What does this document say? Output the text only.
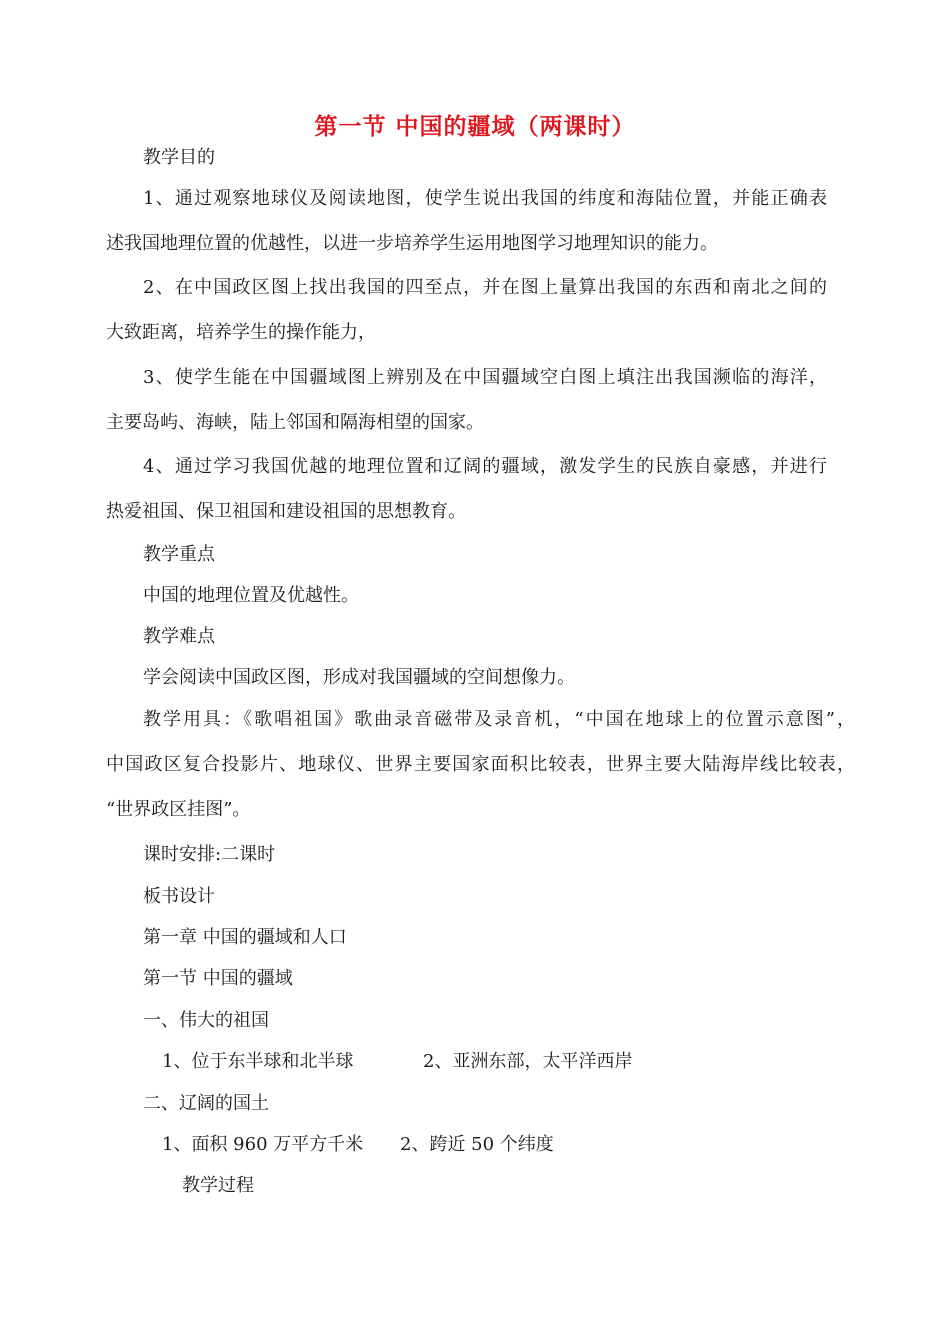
第一节 中国的疆域（两课时）
教学目的
1、通过观察地球仪及阅读地图，使学生说出我国的纬度和海陆位置，并能正确表
述我国地理位置的优越性，以进一步培养学生运用地图学习地理知识的能力。
2、在中国政区图上找出我国的四至点，并在图上量算出我国的东西和南北之间的
大致距离，培养学生的操作能力，
3、使学生能在中国疆域图上辨别及在中国疆域空白图上填注出我国濒临的海洋，
主要岛屿、海峡，陆上邻国和隔海相望的国家。
4、通过学习我国优越的地理位置和辽阔的疆域，激发学生的民族自豪感，并进行
热爱祖国、保卫祖国和建设祖国的思想教育。
教学重点
中国的地理位置及优越性。
教学难点
学会阅读中国政区图，形成对我国疆域的空间想像力。
教学用具：《歌唱祖国》歌曲录音磁带及录音机，“中国在地球上的位置示意图”，
中国政区复合投影片、地球仪、世界主要国家面积比较表，世界主要大陆海岸线比较表，
“世界政区挂图”。
课时安排:二课时
板书设计
第一章 中国的疆域和人口
第一节 中国的疆域
一、伟大的祖国
1、位于东半球和北半球	2、亚洲东部，太平洋西岸
二、辽阔的国土
1、面积 960 万平方千米 2、跨近 50 个纬度
教学过程
